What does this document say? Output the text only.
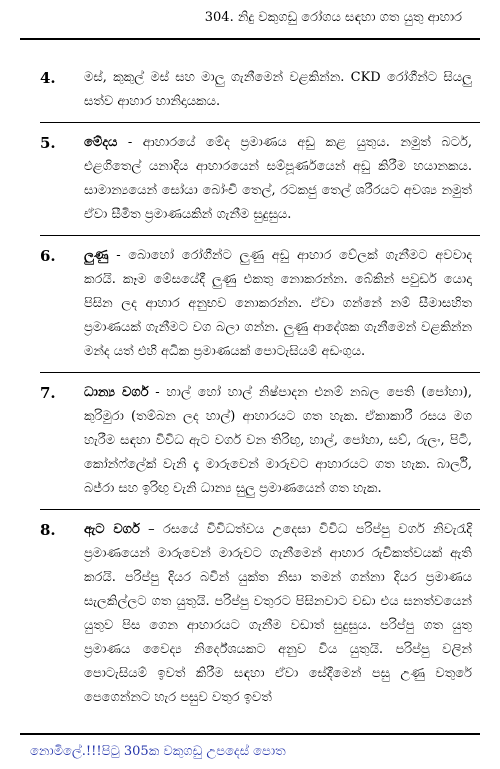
304. නිදු වකුගඩු රෝගය සඳහා ගත යුතු ආහාර
4. මස්, කුකුල් මස් සහ මාලු ගැනීමෙන් වළකින්න. CKD රෝගීන්ට සියලු සත්ව ආහාර හානිදායකය.
5. මේදය - ආහාරයේ මේද ප්‍රමාණය අඩු කළ යුතුය. නමුත් බටර්, එළගිතෙල් යනාදිය ආහාරයෙන් සම්පූර්ණයෙන් අඩු කිරීම හයානකය. සාමාන්‍යයෙන් සෝයා බෝංචි තෙල්, රටකජු තෙල් ශරීරයට අවශ්‍ය නමුත් ඒවා සීමිත ප්‍රමාණයකින් ගැනීම සුදුසුය.
6. ලුණු - බොහෝ රෝගීන්ට ලුණු අඩු ආහාර වේලක් ගැනීමට අවවාද කරයි. කෑම මේසයේදී ලුණු එකතු නොකරන්න. බේකින් පවුඩර් යොදා පිසින ලද ආහාර අනුභව නොකරන්න. ඒවා ගන්නේ නම් සීමාසහිත ප්‍රමාණයක් ගැනීමට වග බලා ගන්න. ලුණු ආදේශක ගැනීමෙන් වළකින්න මන්ද යත් එහි අධික ප්‍රමාණයක් පොටැසියම් අඩංගුය.
7. ධාන්‍ය වර්ග - හාල් හෝ හාල් නිෂ්පාදන එනම් නබල පෙති (පෝහා), කුරිමුරා (තම්බන ලද හාල්) ආහාරයට ගත හැක. ඒකාකාරී රසය මග හැරීම සඳහා විවිධ ඇට වර්ග වන තිරිඟු, හාල්, පෝහා, සව්, රුලං, පිටි, කෝන්ෆ්ලේක් වැනි දෑ මාරුවෙන් මාරුවට ආහාරයට ගත හැක. බාර්ලි, බජ්රා සහ ඉරිඟු වැනි ධාන්‍ය සුලු ප්‍රමාණයෙන් ගත හැක.
8. ඇට වර්ග – රසයේ විවිධත්වය උදෙසා විවිධ පරිප්පු වර්ග නිවැරැදි ප්‍රමාණයෙන් මාරුවෙන් මාරුවට ගැනීමෙන් ආහාර රුචිකත්වයක් ඇති කරයි. පරිප්පු දියර බවින් යුක්ත නිසා තමන් ගන්නා දියර ප්‍රමාණය සැලකිල්ලට ගත යුතුයි. පරිප්පු වතුරට පිසිනවාට වඩා එය සනත්වයෙන් යුතුව පිස ගෙන ආහාරයට ගැනීම වඩාත් සුදුසුය. පරිප්පු ගත යුතු ප්‍රමාණය වෛද්‍ය නිර්දේශයකට අනුව විය යුතුයි. පරිප්පු වලින් පොටැසියම් ඉවත් කිරීම සඳහා ඒවා සේදීමෙන් පසු උණු වතුරේ පෙගෙන්නට හැර පසුව වතුර ඉවත්
නොමිලේ.!!!පිටු 305ක වකුගඩු උපදෙස් පොත
